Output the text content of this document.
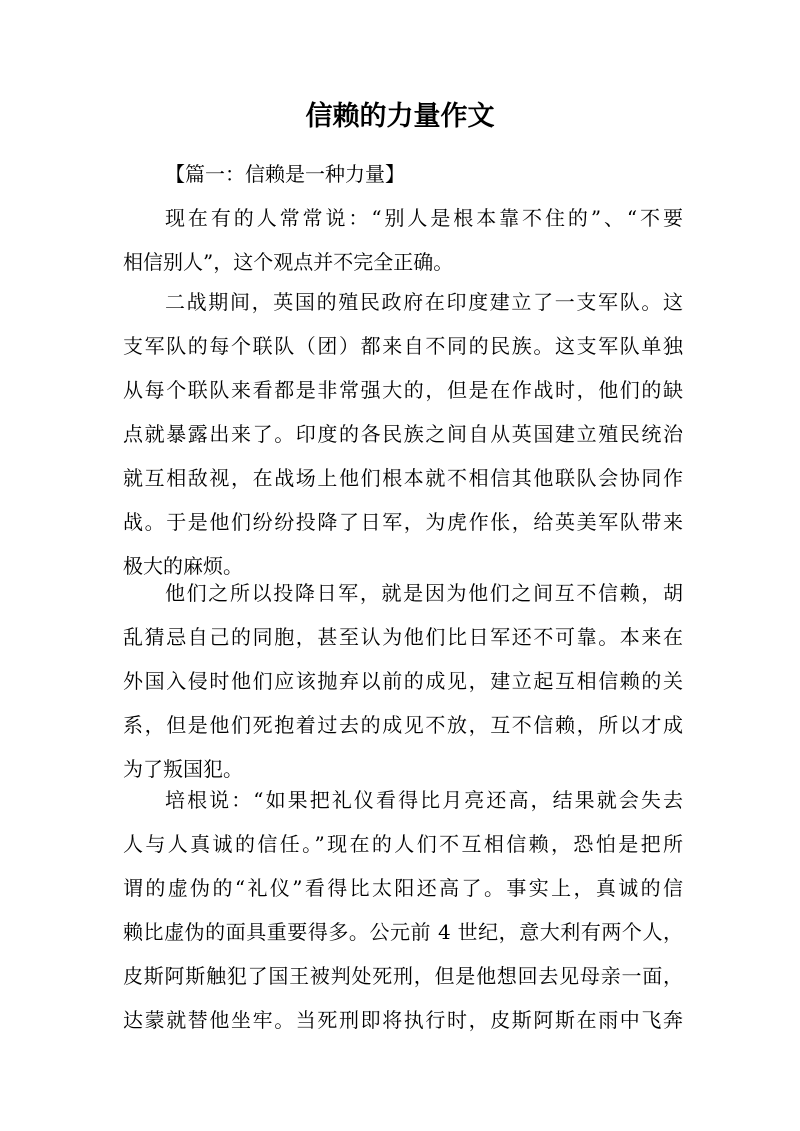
信赖的力量作文
【篇一：信赖是一种力量】
现在有的人常常说：“别人是根本靠不住的”、“不要
相信别人”，这个观点并不完全正确。
二战期间，英国的殖民政府在印度建立了一支军队。这
支军队的每个联队（团）都来自不同的民族。这支军队单独
从每个联队来看都是非常强大的，但是在作战时，他们的缺
点就暴露出来了。印度的各民族之间自从英国建立殖民统治
就互相敌视，在战场上他们根本就不相信其他联队会协同作
战。于是他们纷纷投降了日军，为虎作伥，给英美军队带来
极大的麻烦。
他们之所以投降日军，就是因为他们之间互不信赖，胡
乱猜忌自己的同胞，甚至认为他们比日军还不可靠。本来在
外国入侵时他们应该抛弃以前的成见，建立起互相信赖的关
系，但是他们死抱着过去的成见不放，互不信赖，所以才成
为了叛国犯。
培根说：“如果把礼仪看得比月亮还高，结果就会失去
人与人真诚的信任。”现在的人们不互相信赖，恐怕是把所
谓的虚伪的“礼仪”看得比太阳还高了。事实上，真诚的信
赖比虚伪的面具重要得多。公元前 4 世纪，意大利有两个人，
皮斯阿斯触犯了国王被判处死刑，但是他想回去见母亲一面，
达蒙就替他坐牢。当死刑即将执行时，皮斯阿斯在雨中飞奔
